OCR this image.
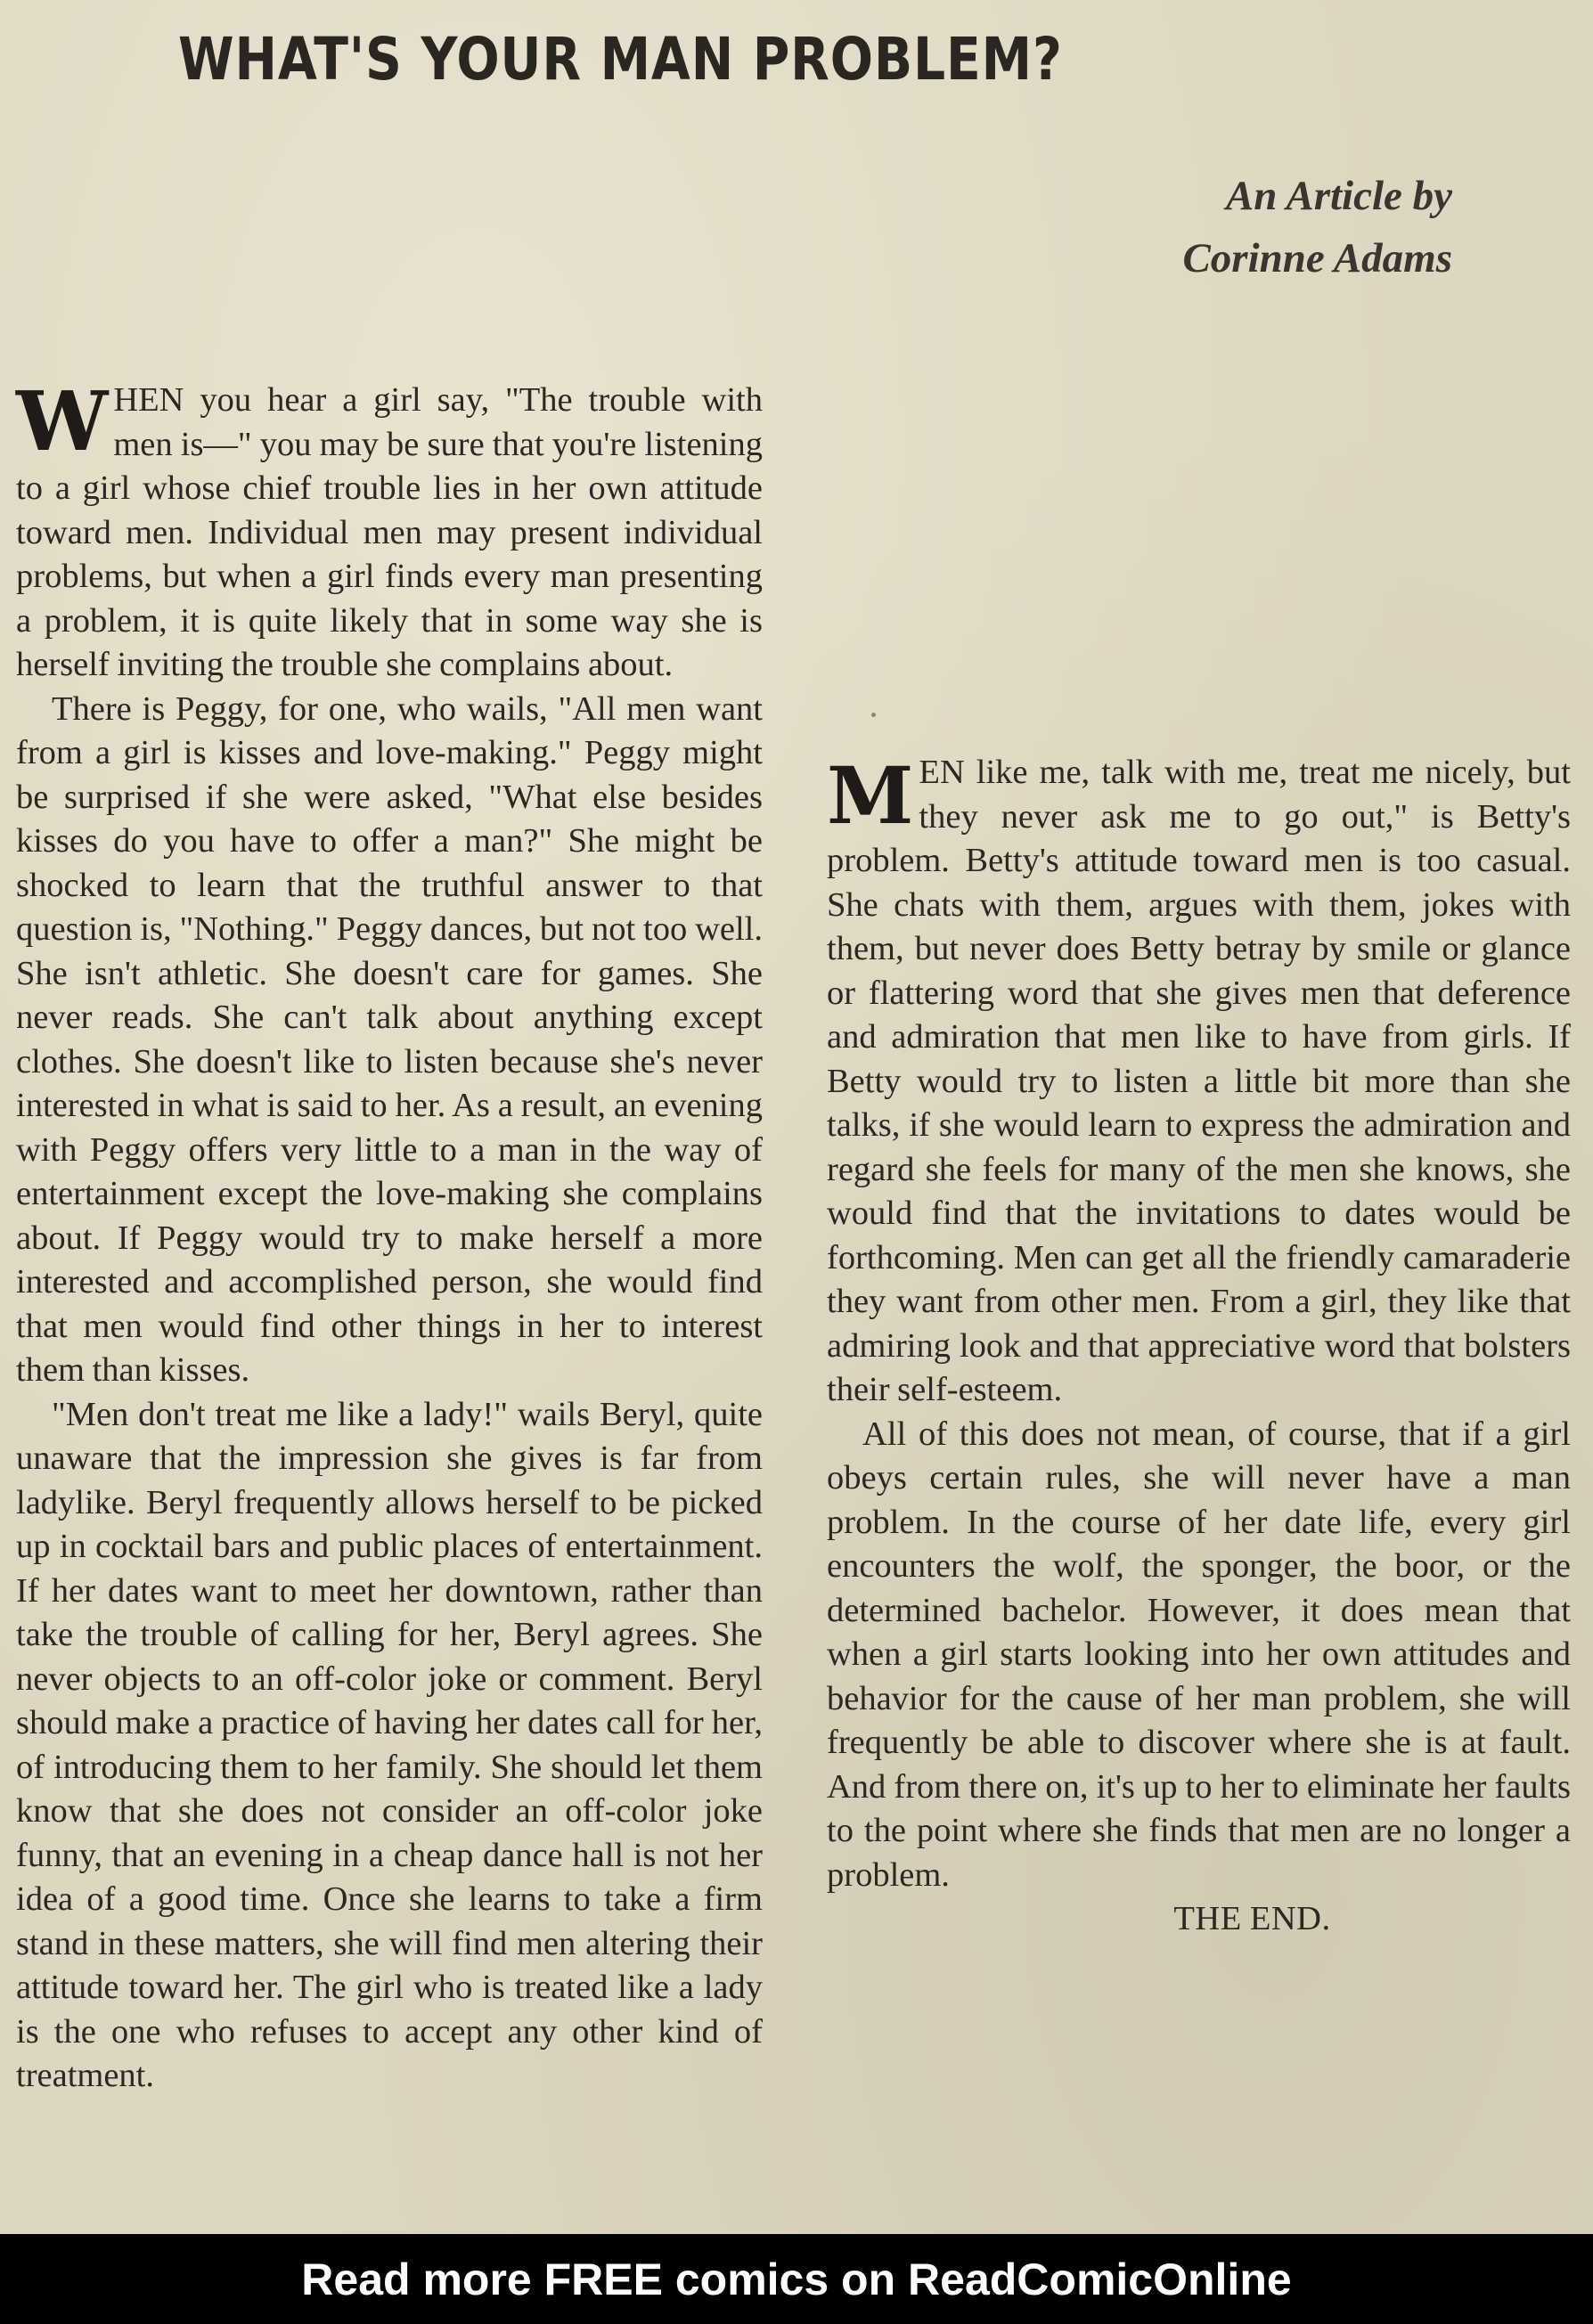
WHAT'S YOUR MAN PROBLEM?
An Article by
Corinne Adams

WHEN you hear a girl say, "The trouble with men is—" you may be sure that you're listening to a girl whose chief trouble lies in her own attitude toward men. Individual men may present individual problems, but when a girl finds every man presenting a problem, it is quite likely that in some way she is herself inviting the trouble she complains about.

There is Peggy, for one, who wails, "All men want from a girl is kisses and love-making." Peggy might be surprised if she were asked, "What else besides kisses do you have to offer a man?" She might be shocked to learn that the truthful answer to that question is, "Nothing." Peggy dances, but not too well. She isn't athletic. She doesn't care for games. She never reads. She can't talk about anything except clothes. She doesn't like to listen because she's never interested in what is said to her. As a result, an evening with Peggy offers very little to a man in the way of entertainment except the love-making she complains about. If Peggy would try to make herself a more interested and accomplished person, she would find that men would find other things in her to interest them than kisses.

"Men don't treat me like a lady!" wails Beryl, quite unaware that the impression she gives is far from ladylike. Beryl frequently allows herself to be picked up in cocktail bars and public places of entertainment. If her dates want to meet her downtown, rather than take the trouble of calling for her, Beryl agrees. She never objects to an off-color joke or comment. Beryl should make a practice of having her dates call for her, of introducing them to her family. She should let them know that she does not consider an off-color joke funny, that an evening in a cheap dance hall is not her idea of a good time. Once she learns to take a firm stand in these matters, she will find men altering their attitude toward her. The girl who is treated like a lady is the one who refuses to accept any other kind of treatment.

MEN like me, talk with me, treat me nicely, but they never ask me to go out," is Betty's problem. Betty's attitude toward men is too casual. She chats with them, argues with them, jokes with them, but never does Betty betray by smile or glance or flattering word that she gives men that deference and admiration that men like to have from girls. If Betty would try to listen a little bit more than she talks, if she would learn to express the admiration and regard she feels for many of the men she knows, she would find that the invitations to dates would be forthcoming. Men can get all the friendly camaraderie they want from other men. From a girl, they like that admiring look and that appreciative word that bolsters their self-esteem.

All of this does not mean, of course, that if a girl obeys certain rules, she will never have a man problem. In the course of her date life, every girl encounters the wolf, the sponger, the boor, or the determined bachelor. However, it does mean that when a girl starts looking into her own attitudes and behavior for the cause of her man problem, she will frequently be able to discover where she is at fault. And from there on, it's up to her to eliminate her faults to the point where she finds that men are no longer a problem.

THE END.

Read more FREE comics on ReadComicOnline
